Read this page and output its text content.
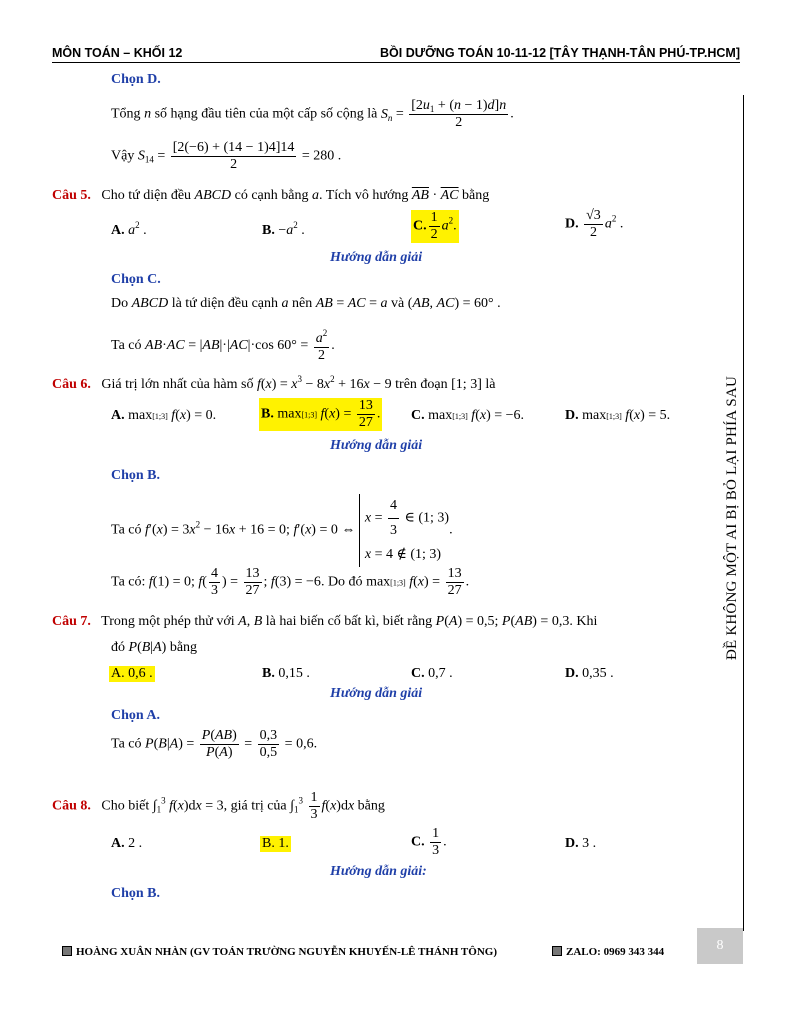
MÔN TOÁN – KHỐI 12	BỒI DƯỠNG TOÁN 10-11-12 [TÂY THẠNH-TÂN PHÚ-TP.HCM]
ĐỀ KHÔNG MỘT AI BỊ BỎ LẠI PHÍA SAU
Chọn D.
Tổng n số hạng đầu tiên của một cấp số cộng là $S_n = \frac{[2u_1 + (n - 1)d]n}{2}$ .
Vậy $S_{14} = \frac{[2(-6) + (14 - 1)4]14}{2} = 280$ .
Câu 5. Cho tứ diện đều ABCD có cạnh bằng a. Tích vô hướng $\overline{AB} \cdot \overline{AC}$ bằng
A. $a^2$ .	B. $-a^2$ .	C. $\frac{1}{2} a^2$.	D. $\frac{√3}{2} a^2$ .
Hướng dẫn giải
Chọn C.
Do ABCD là tứ diện đều cạnh a nên AB = AC = a và (AB, AC) = 60° .
Ta có AB·AC = |AB|·|AC|·cos $60^\circ = \frac{a^2}{2}$ .
Câu 6. Giá trị lớn nhất của hàm số $f(x) = x^3 - 8x^2 + 16x - 9$ trên đoạn [1; 3] là
A. max[1;3] f(x) = 0.	B. max[1;3] $f(x) = \frac{13}{27}$ . C. max[1;3] f(x) = −6.	D. max[1;3] f(x) = 5.
Hướng dẫn giải
Chọn B.
Ta có $f'(x) = 3x^2 - 16x + 16 = 0$; f′(x) = 0 ⇔ $x = \frac{4}{3}$ ∈ (1; 3)
x = 4 ∉ (1; 3).
Ta có: f(1) = 0; $f( \frac{4}{3}$ ) = $\frac{13}{27}$ ; f(3) = −6. Do đó max[1;3] $f(x) = \frac{13}{27}$ .
Câu 7. Trong một phép thử với A, B là hai biến cố bất kì, biết rằng P(A) = 0,5; P(AB) = 0,3. Khi
đó P(B|A) bằng
A. 0,6 .	B. 0,15 .	C. 0,7 .	D. 0,35 .
Hướng dẫn giải
Chọn A.
Ta có $P(B|A) = \frac{P(AB)}{P(A)} = \frac{0,3}{0,5} = 0,6$.
Câu 8. Cho biết $\int_1^3$ f(x)dx = 3, giá trị của $\int_1^3 \frac{1}{3} f(x)dx$ bằng
A. 2 .	B. 1.	C. $\frac{1}{3}$ .	D. 3 .
Hướng dẫn giải:
Chọn B.
HOÀNG XUÂN NHÀN (GV TOÁN TRƯỜNG NGUYỄN KHUYẾN-LÊ THÁNH TÔNG)	ZALO: 0969 343 344	8
